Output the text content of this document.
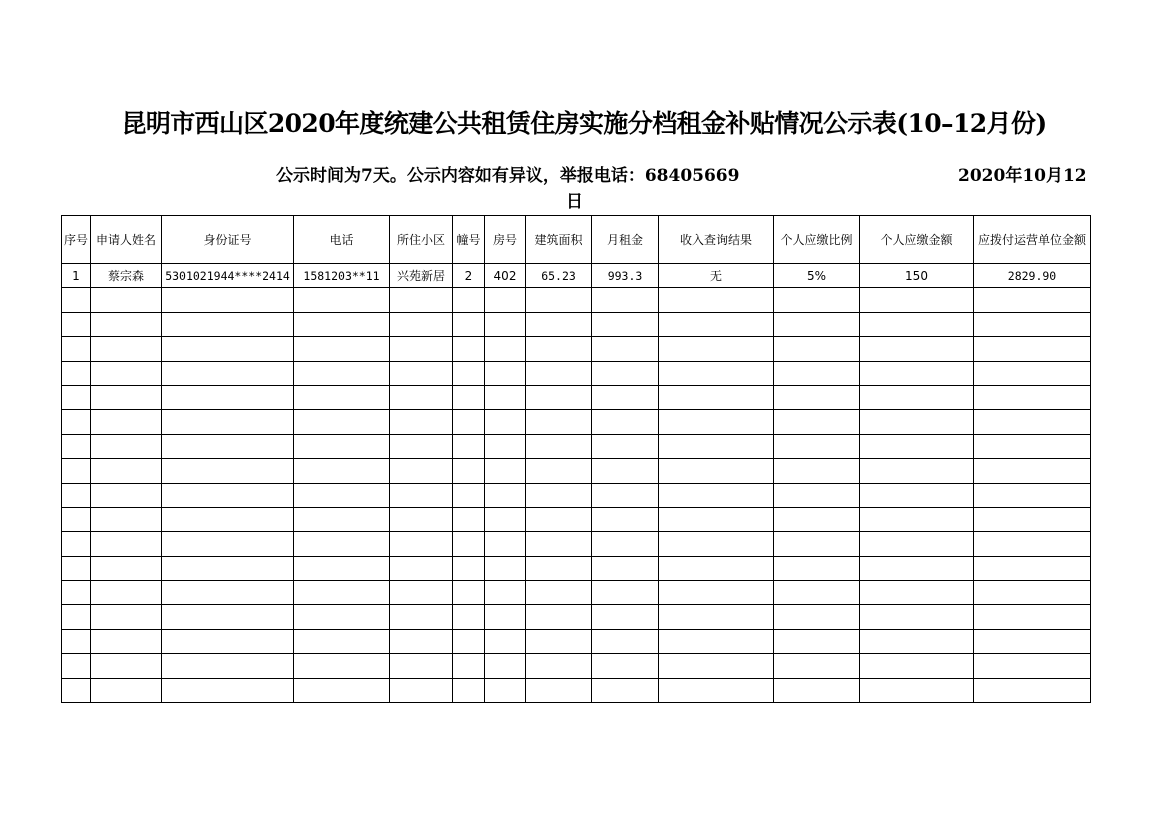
昆明市西山区2020年度统建公共租赁住房实施分档租金补贴情况公示表(10–12月份)
公示时间为7天。公示内容如有异议，举报电话：68405669	2020年10月12
日
序号	申请人姓名	身份证号	电话	所住小区	幢号	房号	建筑面积	月租金	收入查询结果	个人应缴比例	个人应缴金额	应拨付运营单位金额
1	蔡宗森	5301021944****2414	1581203**11	兴苑新居	2	402	65.23	993.3	无	5%	150	2829.90
